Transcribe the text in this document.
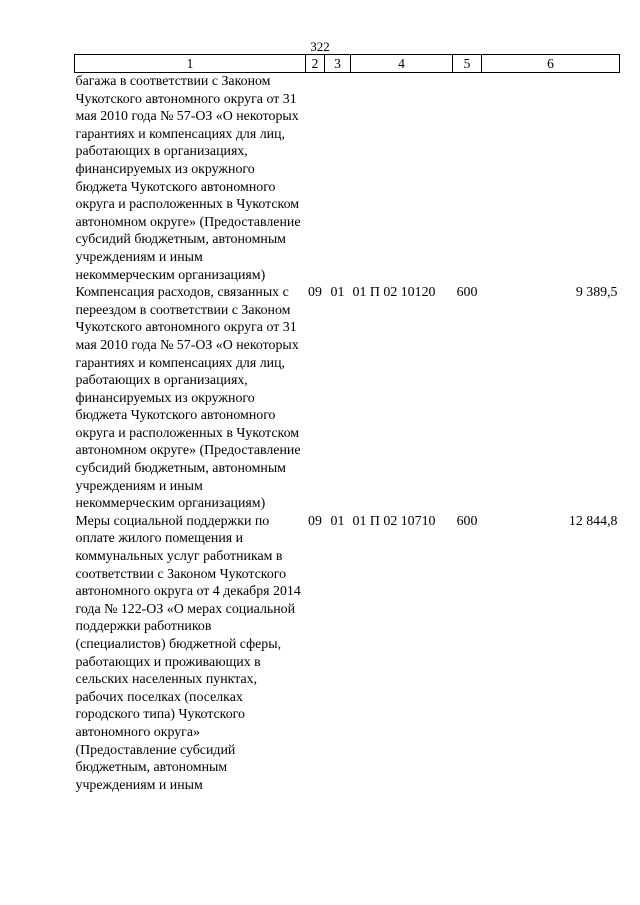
322
1	2	3	4	5	6
багажа в соответствии с Законом Чукотского автономного округа от 31 мая 2010 года № 57-ОЗ «О некоторых гарантиях и компенсациях для лиц, работающих в организациях, финансируемых из окружного бюджета Чукотского автономного округа и расположенных в Чукотском автономном округе» (Предоставление субсидий бюджетным, автономным учреждениям и иным некоммерческим организациям)					
Компенсация расходов, связанных с переездом в соответствии с Законом Чукотского автономного округа от 31 мая 2010 года № 57-ОЗ «О некоторых гарантиях и компенсациях для лиц, работающих в организациях, финансируемых из окружного бюджета Чукотского автономного округа и расположенных в Чукотском автономном округе» (Предоставление субсидий бюджетным, автономным учреждениям и иным некоммерческим организациям)	09	01	01 П 02 10120	600	9 389,5
Меры социальной поддержки по оплате жилого помещения и коммунальных услуг работникам в соответствии с Законом Чукотского автономного округа от 4 декабря 2014 года № 122-ОЗ «О мерах социальной поддержки работников (специалистов) бюджетной сферы, работающих и проживающих в сельских населенных пунктах, рабочих поселках (поселках городского типа) Чукотского автономного округа» (Предоставление субсидий бюджетным, автономным учреждениям и иным	09	01	01 П 02 10710	600	12 844,8
